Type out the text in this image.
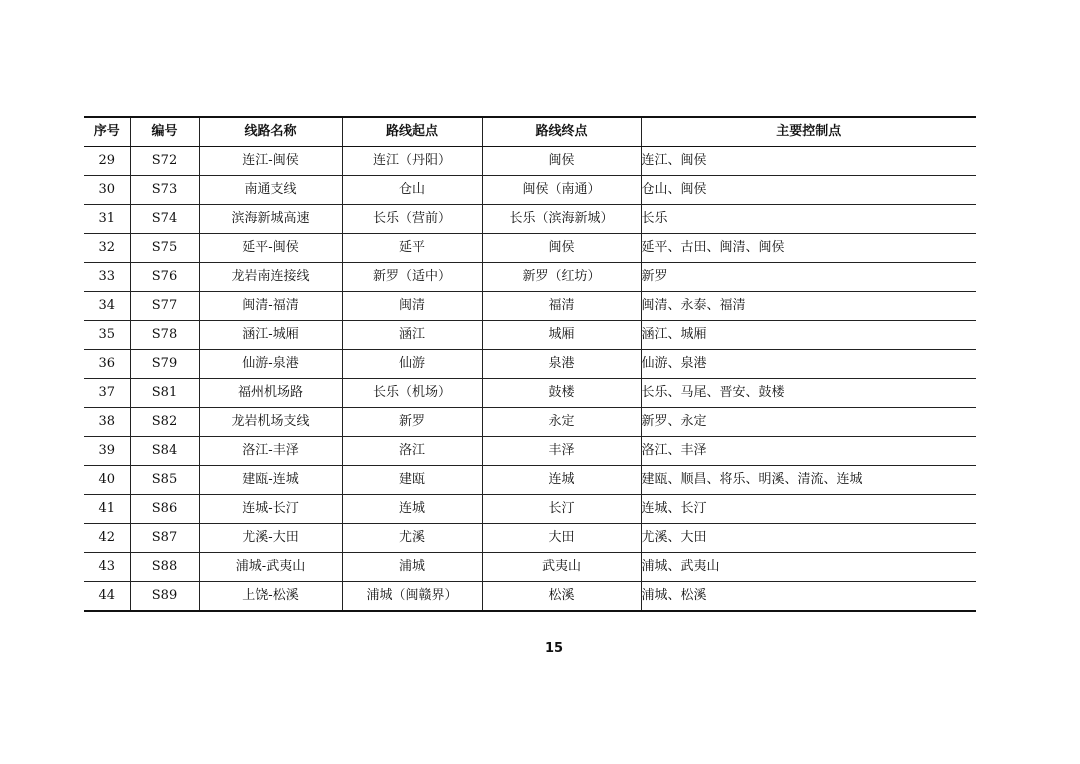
序号	编号	线路名称	路线起点	路线终点	主要控制点
29	S72	连江-闽侯	连江（丹阳）	闽侯	连江、闽侯
30	S73	南通支线	仓山	闽侯（南通）	仓山、闽侯
31	S74	滨海新城高速	长乐（营前）	长乐（滨海新城）	长乐
32	S75	延平-闽侯	延平	闽侯	延平、古田、闽清、闽侯
33	S76	龙岩南连接线	新罗（适中）	新罗（红坊）	新罗
34	S77	闽清-福清	闽清	福清	闽清、永泰、福清
35	S78	涵江-城厢	涵江	城厢	涵江、城厢
36	S79	仙游-泉港	仙游	泉港	仙游、泉港
37	S81	福州机场路	长乐（机场）	鼓楼	长乐、马尾、晋安、鼓楼
38	S82	龙岩机场支线	新罗	永定	新罗、永定
39	S84	洛江-丰泽	洛江	丰泽	洛江、丰泽
40	S85	建瓯-连城	建瓯	连城	建瓯、顺昌、将乐、明溪、清流、连城
41	S86	连城-长汀	连城	长汀	连城、长汀
42	S87	尤溪-大田	尤溪	大田	尤溪、大田
43	S88	浦城-武夷山	浦城	武夷山	浦城、武夷山
44	S89	上饶-松溪	浦城（闽赣界）	松溪	浦城、松溪
15
